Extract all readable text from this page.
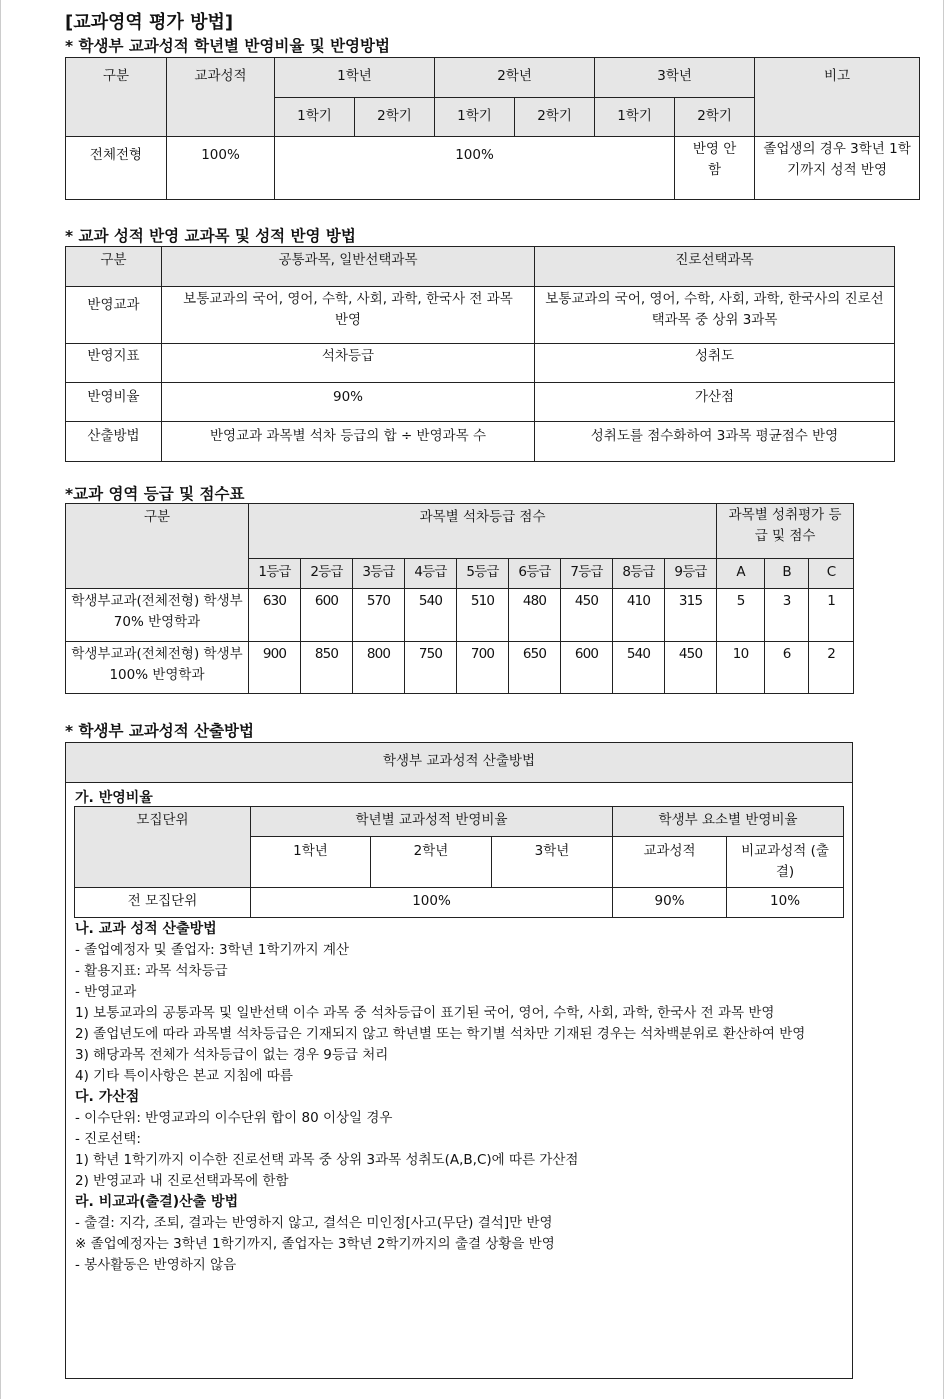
[교과영역 평가 방법]
* 학생부 교과성적 학년별 반영비율 및 반영방법
구분	교과성적	1학년		2학년		3학년		비고
		1학기	2학기	1학기	2학기	1학기	2학기	
전체전형	100%	100%					반영 안함	졸업생의 경우 3학년 1학기까지 성적 반영
* 교과 성적 반영 교과목 및 성적 반영 방법
구분	공통과목, 일반선택과목	진로선택과목
반영교과	보통교과의 국어, 영어, 수학, 사회, 과학, 한국사 전 과목 반영	보통교과의 국어, 영어, 수학, 사회, 과학, 한국사의 진로선택과목 중 상위 3과목
반영지표	석차등급	성취도
반영비율	90%	가산점
산출방법	반영교과 과목별 석차 등급의 합 ÷ 반영과목 수	성취도를 점수화하여 3과목 평균점수 반영
*교과 영역 등급 및 점수표
구분	과목별 석차등급 점수									과목별 성취평가 등급 및 점수		
	1등급	2등급	3등급	4등급	5등급	6등급	7등급	8등급	9등급	A	B	C
학생부교과(전체전형) 학생부 70% 반영학과	630	600	570	540	510	480	450	410	315	5	3	1
학생부교과(전체전형) 학생부 100% 반영학과	900	850	800	750	700	650	600	540	450	10	6	2
* 학생부 교과성적 산출방법
학생부 교과성적 산출방법
가. 반영비율
모집단위	학년별 교과성적 반영비율			학생부 요소별 반영비율	
	1학년	2학년	3학년	교과성적	비교과성적 (출결)
전 모집단위	100%			90%	10%
나. 교과 성적 산출방법
- 졸업예정자 및 졸업자: 3학년 1학기까지 계산
- 활용지표: 과목 석차등급
- 반영교과
1) 보통교과의 공통과목 및 일반선택 이수 과목 중 석차등급이 표기된 국어, 영어, 수학, 사회, 과학, 한국사 전 과목 반영
2) 졸업년도에 따라 과목별 석차등급은 기재되지 않고 학년별 또는 학기별 석차만 기재된 경우는 석차백분위로 환산하여 반영
3) 해당과목 전체가 석차등급이 없는 경우 9등급 처리
4) 기타 특이사항은 본교 지침에 따름
다. 가산점
- 이수단위: 반영교과의 이수단위 합이 80 이상일 경우
- 진로선택:
1) 학년 1학기까지 이수한 진로선택 과목 중 상위 3과목 성취도(A,B,C)에 따른 가산점
2) 반영교과 내 진로선택과목에 한함
라. 비교과(출결)산출 방법
- 출결: 지각, 조퇴, 결과는 반영하지 않고, 결석은 미인정[사고(무단) 결석]만 반영
※ 졸업예정자는 3학년 1학기까지, 졸업자는 3학년 2학기까지의 출결 상황을 반영
- 봉사활동은 반영하지 않음
